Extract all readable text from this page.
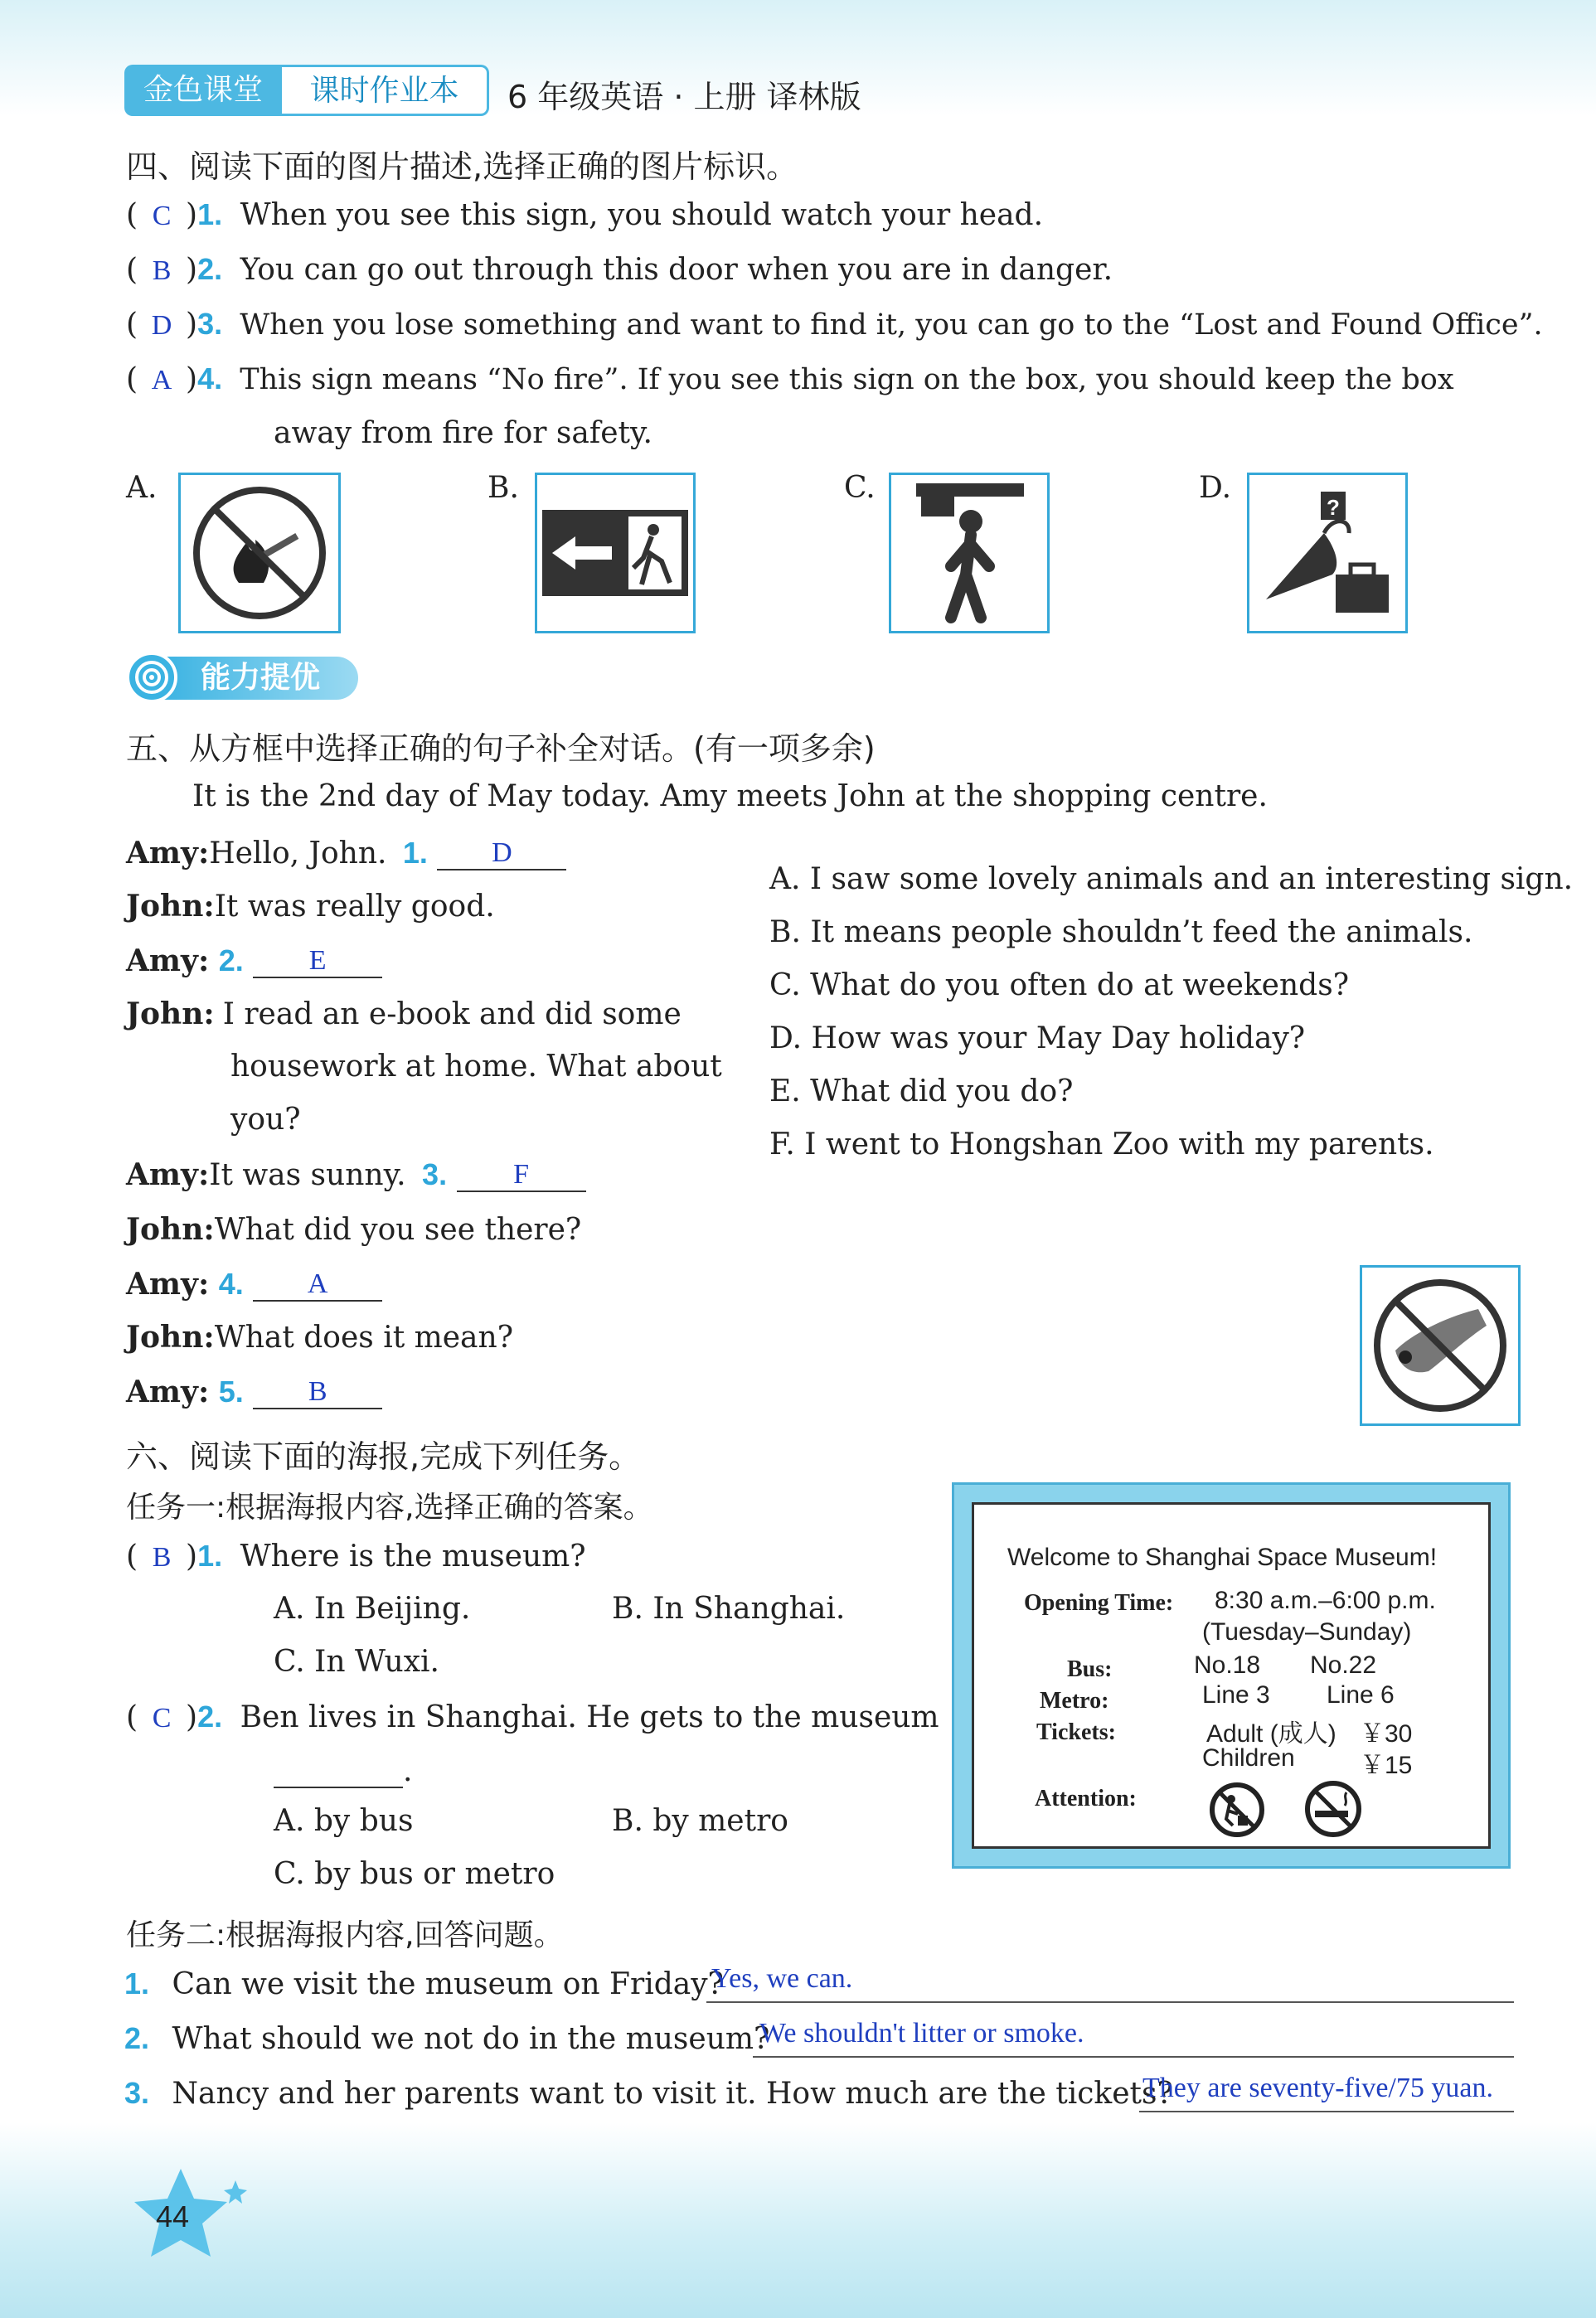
金色课堂	课时作业本	6 年级英语 · 上册 译林版
四、阅读下面的图片描述,选择正确的图片标识。
( C )1. When you see this sign, you should watch your head.
( B )2. You can go out through this door when you are in danger.
( D )3. When you lose something and want to find it, you can go to the “Lost and Found Office”.
( A )4. This sign means “No fire”. If you see this sign on the box, you should keep the box
away from fire for safety.
A.	B.	C.	D.
?
能力提优
五、从方框中选择正确的句子补全对话。(有一项多余)
It is the 2nd day of May today. Amy meets John at the shopping centre.
Amy:Hello, John. 1. D
John:It was really good.
Amy: 2. E
John: I read an e-book and did some
housework at home. What about
you?
Amy:It was sunny. 3. F
John:What did you see there?
Amy: 4. A
John:What does it mean?
Amy: 5. B
A. I saw some lovely animals and an interesting sign.
B. It means people shouldn’t feed the animals.
C. What do you often do at weekends?
D. How was your May Day holiday?
E. What did you do?
F. I went to Hongshan Zoo with my parents.
六、阅读下面的海报,完成下列任务。
任务一:根据海报内容,选择正确的答案。
( B )1. Where is the museum?
A. In Beijing.	B. In Shanghai.
C. In Wuxi.
( C )2. Ben lives in Shanghai. He gets to the museum
.
A. by bus	B. by metro
C. by bus or metro
Welcome to Shanghai Space Museum!
Opening Time: 8:30 a.m.–6:00 p.m.
(Tuesday–Sunday)
Bus:	No.18 No.22
Metro:	Line 3 Line 6
Tickets:	Adult (成人) ￥30
Children	￥15
Attention:
任务二:根据海报内容,回答问题。
1. Can we visit the museum on Friday?
Yes, we can.
2. What should we not do in the museum?
We shouldn't litter or smoke.
3. Nancy and her parents want to visit it. How much are the tickets?
They are seventy-five/75 yuan.
44
